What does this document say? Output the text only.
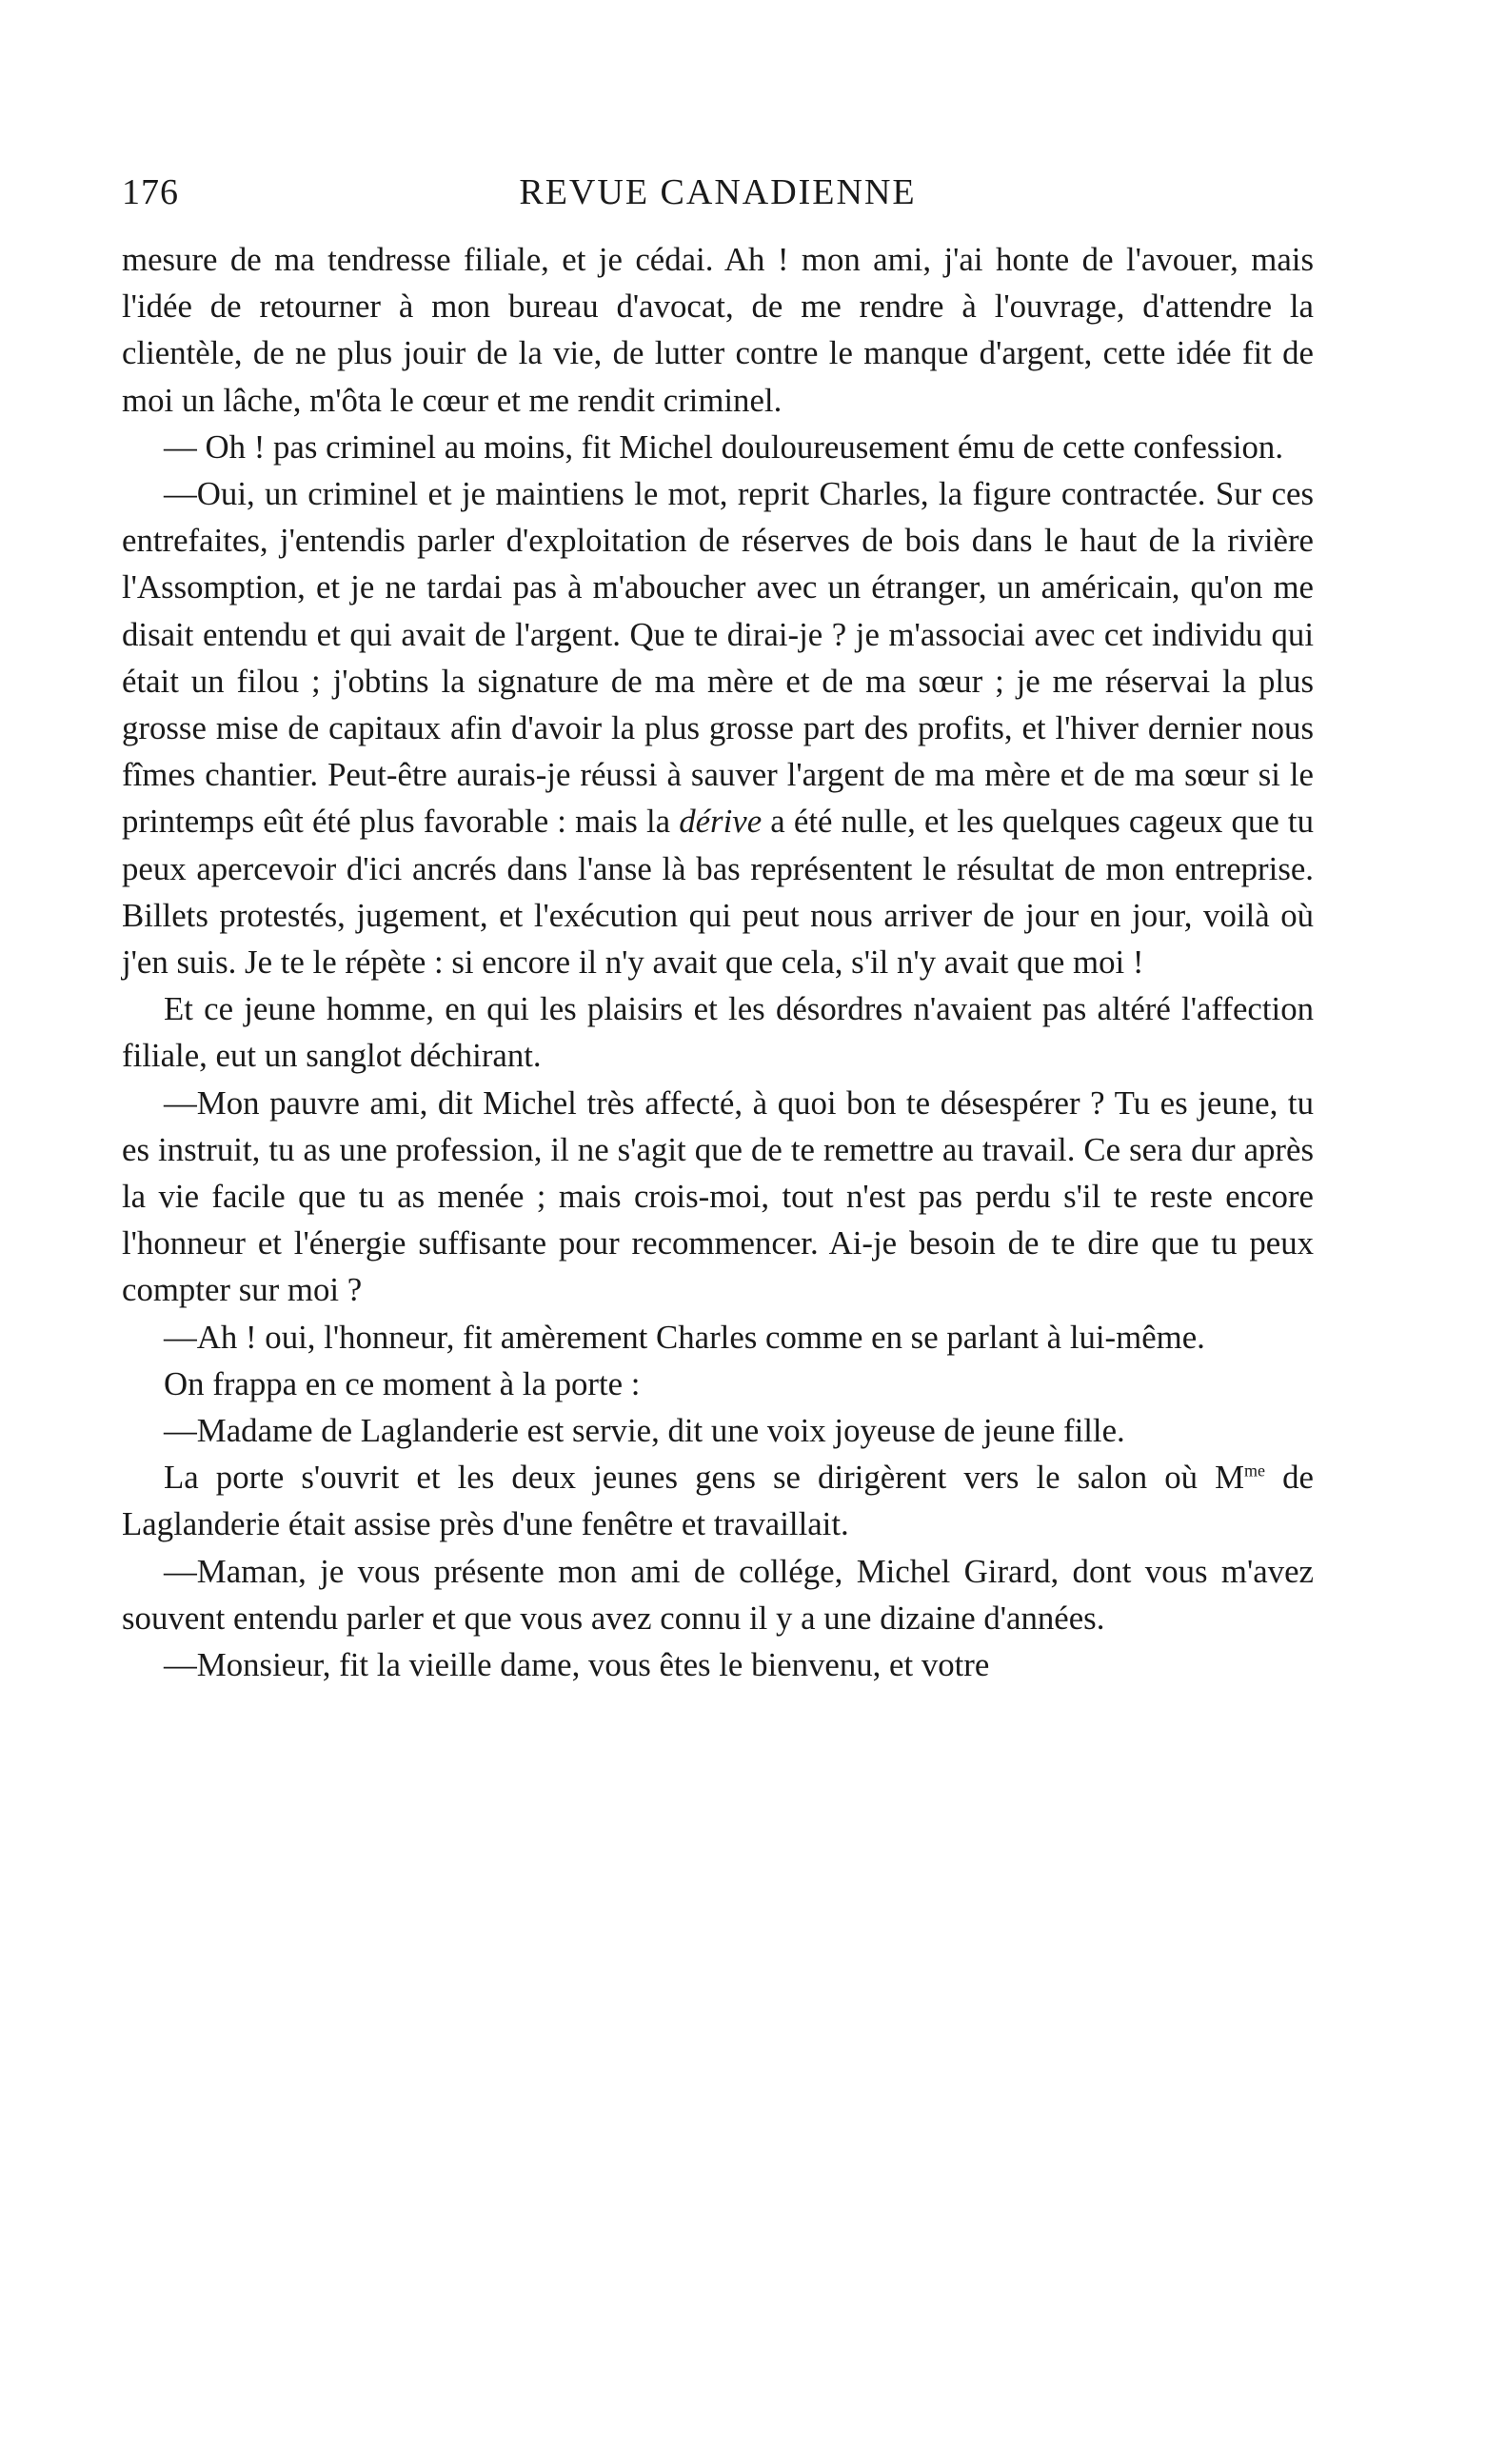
176	REVUE CANADIENNE

mesure de ma tendresse filiale, et je cédai. Ah ! mon ami, j'ai honte de l'avouer, mais l'idée de retourner à mon bureau d'avocat, de me rendre à l'ouvrage, d'attendre la clientèle, de ne plus jouir de la vie, de lutter contre le manque d'argent, cette idée fit de moi un lâche, m'ôta le cœur et me rendit criminel.

— Oh ! pas criminel au moins, fit Michel douloureusement ému de cette confession.

—Oui, un criminel et je maintiens le mot, reprit Charles, la figure contractée. Sur ces entrefaites, j'entendis parler d'exploitation de réserves de bois dans le haut de la rivière l'Assomption, et je ne tardai pas à m'aboucher avec un étranger, un américain, qu'on me disait entendu et qui avait de l'argent. Que te dirai-je ? je m'associai avec cet individu qui était un filou ; j'obtins la signature de ma mère et de ma sœur ; je me réservai la plus grosse mise de capitaux afin d'avoir la plus grosse part des profits, et l'hiver dernier nous fîmes chantier. Peut-être aurais-je réussi à sauver l'argent de ma mère et de ma sœur si le printemps eût été plus favorable : mais la dérive a été nulle, et les quelques cageux que tu peux apercevoir d'ici ancrés dans l'anse là bas représentent le résultat de mon entreprise. Billets protestés, jugement, et l'exécution qui peut nous arriver de jour en jour, voilà où j'en suis. Je te le répète : si encore il n'y avait que cela, s'il n'y avait que moi !

Et ce jeune homme, en qui les plaisirs et les désordres n'avaient pas altéré l'affection filiale, eut un sanglot déchirant.

—Mon pauvre ami, dit Michel très affecté, à quoi bon te désespérer ? Tu es jeune, tu es instruit, tu as une profession, il ne s'agit que de te remettre au travail. Ce sera dur après la vie facile que tu as menée ; mais crois-moi, tout n'est pas perdu s'il te reste encore l'honneur et l'énergie suffisante pour recommencer. Ai-je besoin de te dire que tu peux compter sur moi ?

—Ah ! oui, l'honneur, fit amèrement Charles comme en se parlant à lui-même.

On frappa en ce moment à la porte :

—Madame de Laglanderie est servie, dit une voix joyeuse de jeune fille.

La porte s'ouvrit et les deux jeunes gens se dirigèrent vers le salon où $M^{me}$ de Laglanderie était assise près d'une fenêtre et travaillait.

—Maman, je vous présente mon ami de collége, Michel Girard, dont vous m'avez souvent entendu parler et que vous avez connu il y a une dizaine d'années.

—Monsieur, fit la vieille dame, vous êtes le bienvenu, et votre
